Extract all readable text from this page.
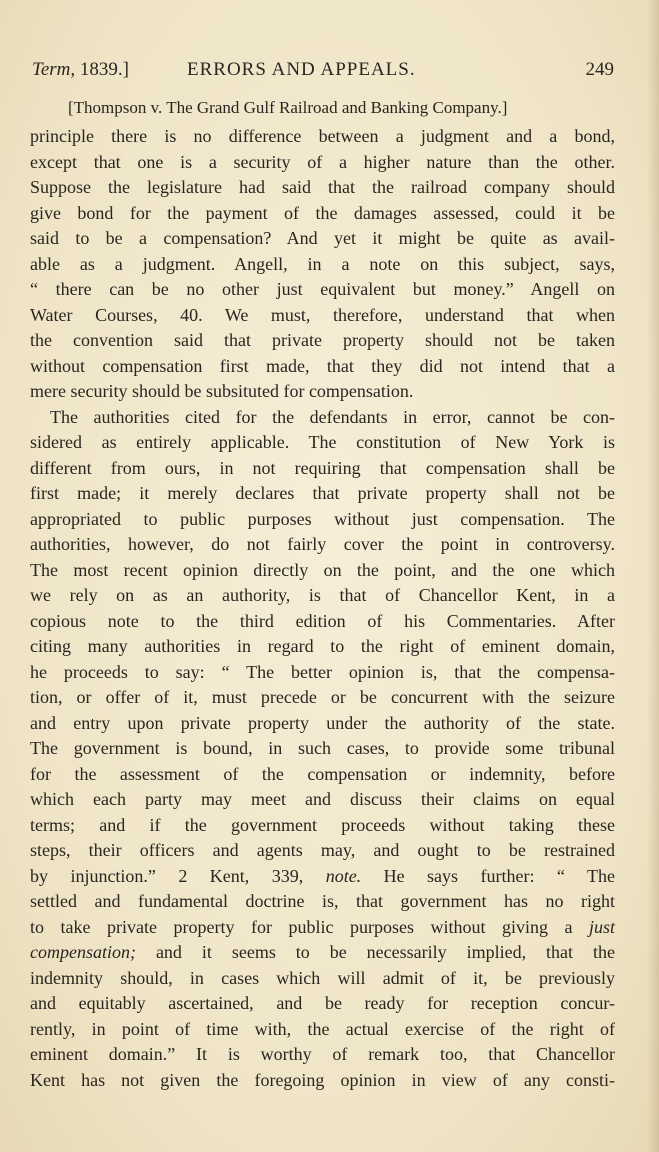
Term, 1839.]	ERRORS AND APPEALS.	249
[Thompson v. The Grand Gulf Railroad and Banking Company.]
principle there is no difference between a judgment and a bond,
except that one is a security of a higher nature than the other.
Suppose the legislature had said that the railroad company should
give bond for the payment of the damages assessed, could it be
said to be a compensation? And yet it might be quite as avail-
able as a judgment. Angell, in a note on this subject, says,
“ there can be no other just equivalent but money.” Angell on
Water Courses, 40. We must, therefore, understand that when
the convention said that private property should not be taken
without compensation first made, that they did not intend that a
mere security should be subsituted for compensation.
The authorities cited for the defendants in error, cannot be con-
sidered as entirely applicable. The constitution of New York is
different from ours, in not requiring that compensation shall be
first made; it merely declares that private property shall not be
appropriated to public purposes without just compensation. The
authorities, however, do not fairly cover the point in controversy.
The most recent opinion directly on the point, and the one which
we rely on as an authority, is that of Chancellor Kent, in a
copious note to the third edition of his Commentaries. After
citing many authorities in regard to the right of eminent domain,
he proceeds to say: “ The better opinion is, that the compensa-
tion, or offer of it, must precede or be concurrent with the seizure
and entry upon private property under the authority of the state.
The government is bound, in such cases, to provide some tribunal
for the assessment of the compensation or indemnity, before
which each party may meet and discuss their claims on equal
terms; and if the government proceeds without taking these
steps, their officers and agents may, and ought to be restrained
by injunction.” 2 Kent, 339, note. He says further: “ The
settled and fundamental doctrine is, that government has no right
to take private property for public purposes without giving a just
compensation; and it seems to be necessarily implied, that the
indemnity should, in cases which will admit of it, be previously
and equitably ascertained, and be ready for reception concur-
rently, in point of time with, the actual exercise of the right of
eminent domain.” It is worthy of remark too, that Chancellor
Kent has not given the foregoing opinion in view of any consti-
